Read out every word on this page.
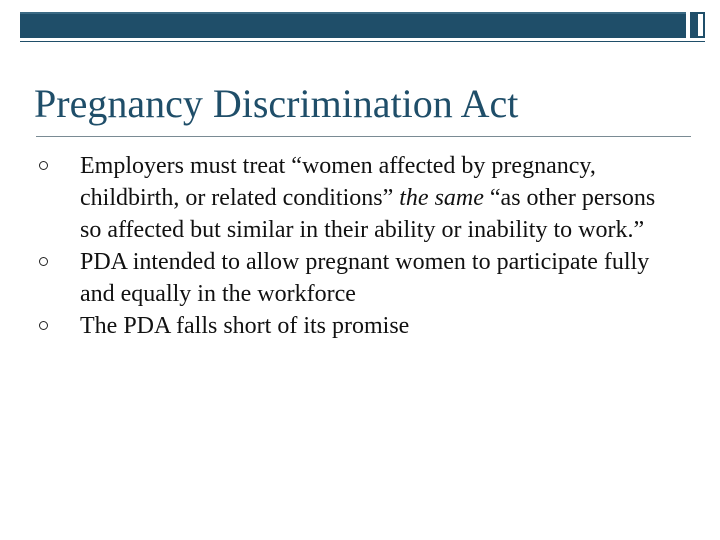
Pregnancy Discrimination Act
Employers must treat “women affected by pregnancy, childbirth, or related conditions” the same “as other persons so affected but similar in their ability or inability to work.”
PDA intended to allow pregnant women to participate fully and equally in the workforce
The PDA falls short of its promise
